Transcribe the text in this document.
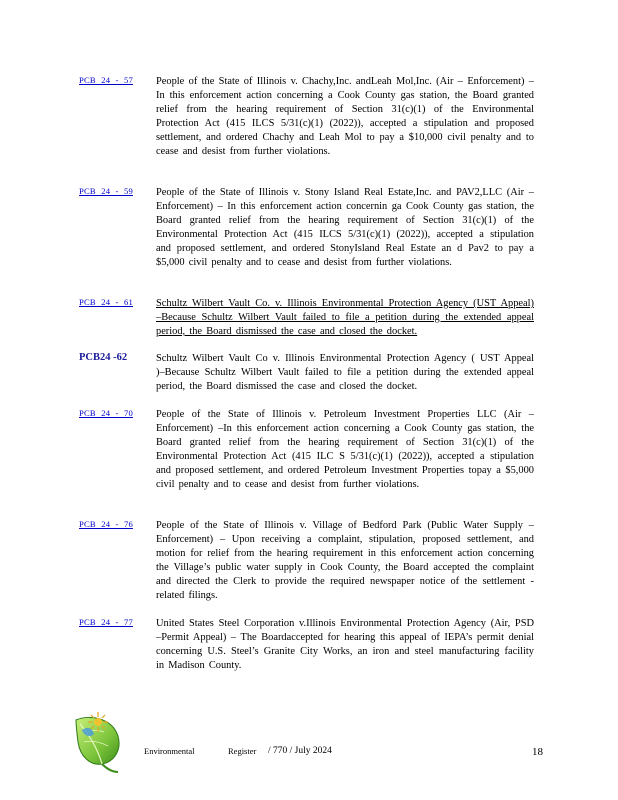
PCB 24 - 57 People of the State of Illinois v. Chachy,Inc. andLeah Mol,Inc. (Air – Enforcement) –In this enforcement action concerning a Cook County gas station, the Board granted relief from the hearing requirement of Section 31(c)(1) of the Environmental Protection Act (415 ILCS 5/31(c)(1) (2022)), accepted a stipulation and proposed settlement, and ordered Chachy and Leah Mol to pay a $10,000 civil penalty and to cease and desist from further violations.
PCB 24 - 59 People of the State of Illinois v. Stony Island Real Estate,Inc. and PAV2,LLC (Air –Enforcement) – In this enforcement action concernin ga Cook County gas station, the Board granted relief from the hearing requirement of Section 31(c)(1) of the Environmental Protection Act (415 ILCS 5/31(c)(1) (2022)), accepted a stipulation and proposed settlement, and ordered StonyIsland Real Estate an d Pav2 to pay a $5,000 civil penalty and to cease and desist from further violations.
PCB 24 - 61 Schultz Wilbert Vault Co. v. Illinois Environmental Protection Agency (UST Appeal) –Because Schultz Wilbert Vault failed to file a petition during the extended appeal period, the Board dismissed the case and closed the docket.
PCB24 -62	Schultz Wilbert Vault Co v. Illinois Environmental Protection Agency ( UST Appeal )–Because Schultz Wilbert Vault failed to file a petition during the extended appeal period, the Board dismissed the case and closed the docket.
PCB 24 - 70 People of the State of Illinois v. Petroleum Investment Properties LLC (Air – Enforcement) –In this enforcement action concerning a Cook County gas station, the Board granted relief from the hearing requirement of Section 31(c)(1) of the Environmental Protection Act (415 ILC S 5/31(c)(1) (2022)), accepted a stipulation and proposed settlement, and ordered Petroleum Investment Properties topay a $5,000 civil penalty and to cease and desist from further violations.
PCB 24 - 76 People of the State of Illinois v. Village of Bedford Park (Public Water Supply – Enforcement) – Upon receiving a complaint, stipulation, proposed settlement, and motion for relief from the hearing requirement in this enforcement action concerning the Village’s public water supply in Cook County, the Board accepted the complaint and directed the Clerk to provide the required newspaper notice of the settlement -related filings.
PCB 24 - 77 United States Steel Corporation v.Illinois Environmental Protection Agency (Air, PSD –Permit Appeal) – The Boardaccepted for hearing this appeal of IEPA’s permit denial concerning U.S. Steel’s Granite City Works, an iron and steel manufacturing facility in Madison County.
Environmental	Register / 770 / July 2024	18
